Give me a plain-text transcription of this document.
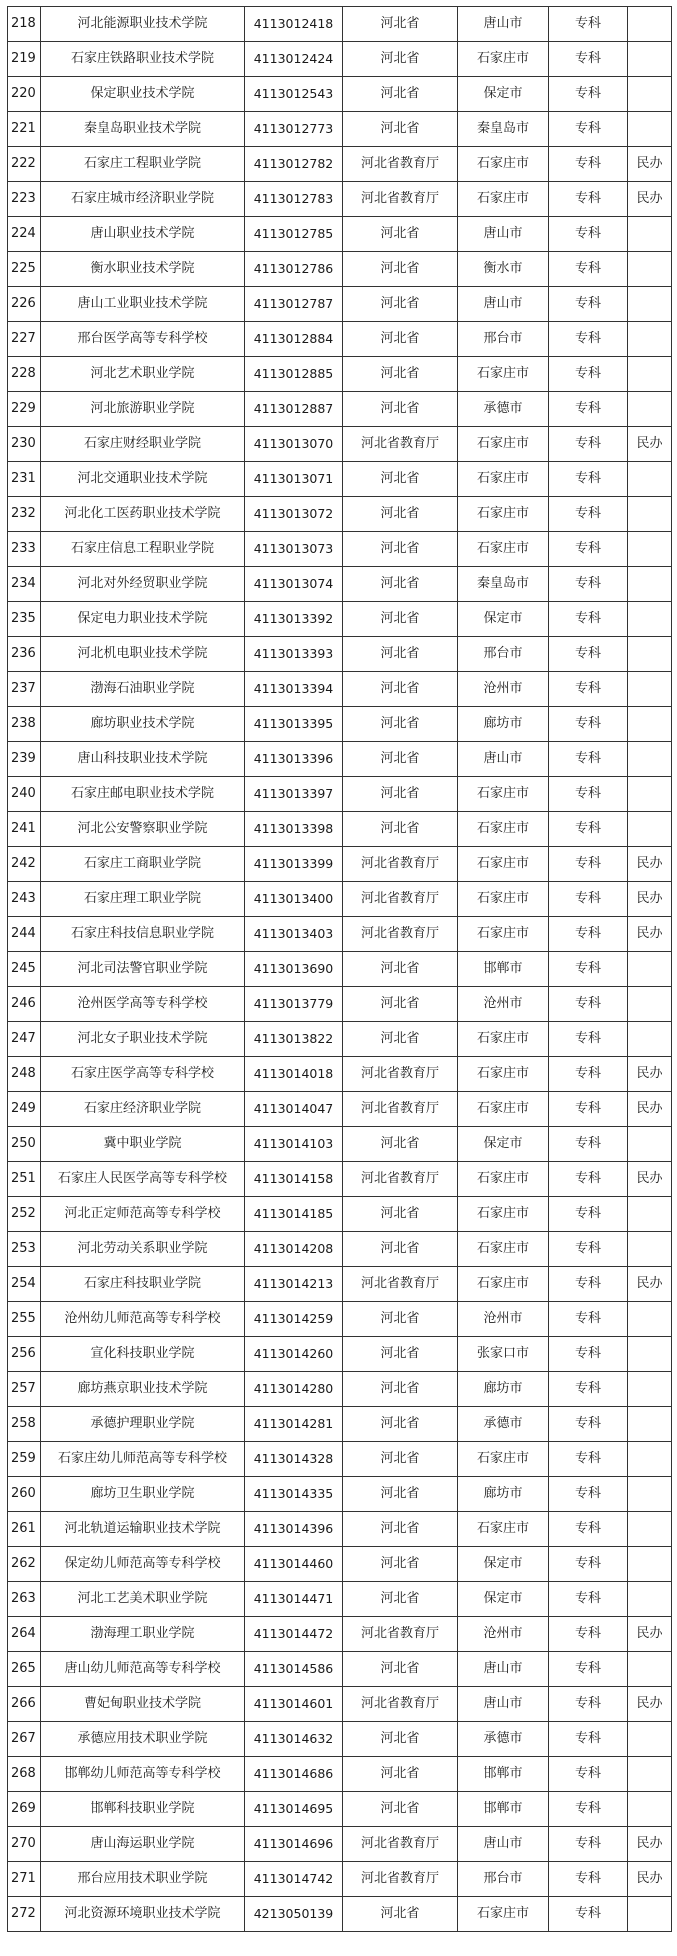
218	河北能源职业技术学院	4113012418	河北省	唐山市	专科	
219	石家庄铁路职业技术学院	4113012424	河北省	石家庄市	专科	
220	保定职业技术学院	4113012543	河北省	保定市	专科	
221	秦皇岛职业技术学院	4113012773	河北省	秦皇岛市	专科	
222	石家庄工程职业学院	4113012782	河北省教育厅	石家庄市	专科	民办
223	石家庄城市经济职业学院	4113012783	河北省教育厅	石家庄市	专科	民办
224	唐山职业技术学院	4113012785	河北省	唐山市	专科	
225	衡水职业技术学院	4113012786	河北省	衡水市	专科	
226	唐山工业职业技术学院	4113012787	河北省	唐山市	专科	
227	邢台医学高等专科学校	4113012884	河北省	邢台市	专科	
228	河北艺术职业学院	4113012885	河北省	石家庄市	专科	
229	河北旅游职业学院	4113012887	河北省	承德市	专科	
230	石家庄财经职业学院	4113013070	河北省教育厅	石家庄市	专科	民办
231	河北交通职业技术学院	4113013071	河北省	石家庄市	专科	
232	河北化工医药职业技术学院	4113013072	河北省	石家庄市	专科	
233	石家庄信息工程职业学院	4113013073	河北省	石家庄市	专科	
234	河北对外经贸职业学院	4113013074	河北省	秦皇岛市	专科	
235	保定电力职业技术学院	4113013392	河北省	保定市	专科	
236	河北机电职业技术学院	4113013393	河北省	邢台市	专科	
237	渤海石油职业学院	4113013394	河北省	沧州市	专科	
238	廊坊职业技术学院	4113013395	河北省	廊坊市	专科	
239	唐山科技职业技术学院	4113013396	河北省	唐山市	专科	
240	石家庄邮电职业技术学院	4113013397	河北省	石家庄市	专科	
241	河北公安警察职业学院	4113013398	河北省	石家庄市	专科	
242	石家庄工商职业学院	4113013399	河北省教育厅	石家庄市	专科	民办
243	石家庄理工职业学院	4113013400	河北省教育厅	石家庄市	专科	民办
244	石家庄科技信息职业学院	4113013403	河北省教育厅	石家庄市	专科	民办
245	河北司法警官职业学院	4113013690	河北省	邯郸市	专科	
246	沧州医学高等专科学校	4113013779	河北省	沧州市	专科	
247	河北女子职业技术学院	4113013822	河北省	石家庄市	专科	
248	石家庄医学高等专科学校	4113014018	河北省教育厅	石家庄市	专科	民办
249	石家庄经济职业学院	4113014047	河北省教育厅	石家庄市	专科	民办
250	冀中职业学院	4113014103	河北省	保定市	专科	
251	石家庄人民医学高等专科学校	4113014158	河北省教育厅	石家庄市	专科	民办
252	河北正定师范高等专科学校	4113014185	河北省	石家庄市	专科	
253	河北劳动关系职业学院	4113014208	河北省	石家庄市	专科	
254	石家庄科技职业学院	4113014213	河北省教育厅	石家庄市	专科	民办
255	沧州幼儿师范高等专科学校	4113014259	河北省	沧州市	专科	
256	宣化科技职业学院	4113014260	河北省	张家口市	专科	
257	廊坊燕京职业技术学院	4113014280	河北省	廊坊市	专科	
258	承德护理职业学院	4113014281	河北省	承德市	专科	
259	石家庄幼儿师范高等专科学校	4113014328	河北省	石家庄市	专科	
260	廊坊卫生职业学院	4113014335	河北省	廊坊市	专科	
261	河北轨道运输职业技术学院	4113014396	河北省	石家庄市	专科	
262	保定幼儿师范高等专科学校	4113014460	河北省	保定市	专科	
263	河北工艺美术职业学院	4113014471	河北省	保定市	专科	
264	渤海理工职业学院	4113014472	河北省教育厅	沧州市	专科	民办
265	唐山幼儿师范高等专科学校	4113014586	河北省	唐山市	专科	
266	曹妃甸职业技术学院	4113014601	河北省教育厅	唐山市	专科	民办
267	承德应用技术职业学院	4113014632	河北省	承德市	专科	
268	邯郸幼儿师范高等专科学校	4113014686	河北省	邯郸市	专科	
269	邯郸科技职业学院	4113014695	河北省	邯郸市	专科	
270	唐山海运职业学院	4113014696	河北省教育厅	唐山市	专科	民办
271	邢台应用技术职业学院	4113014742	河北省教育厅	邢台市	专科	民办
272	河北资源环境职业技术学院	4213050139	河北省	石家庄市	专科	
